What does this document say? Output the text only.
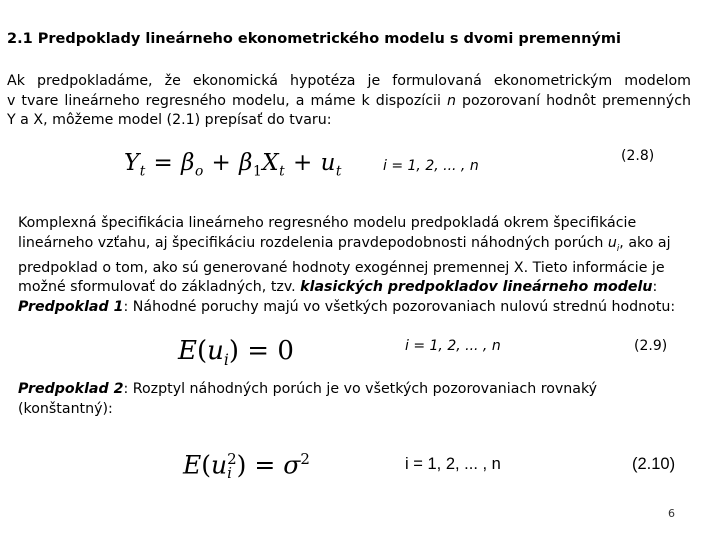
2.1 Predpoklady lineárneho ekonometrického modelu s dvomi premennými
Ak predpokladáme, že ekonomická hypotéza je formulovaná ekonometrickým modelom
v tvare lineárneho regresného modelu, a máme k dispozícii n pozorovaní hodnôt premenných
Y a X, môžeme model (2.1) prepísať do tvaru:
$Y_t = \beta_o + \beta_1X_t + u_t$	i = 1, 2, ... , n
(2.8)
Komplexná špecifikácia lineárneho regresného modelu predpokladá okrem špecifikácie
lineárneho vzťahu, aj špecifikáciu rozdelenia pravdepodobnosti náhodných porúch $u_i$, ako aj
predpoklad o tom, ako sú generované hodnoty exogénnej premennej X. Tieto informácie je
možné sformulovať do základných, tzv. klasických predpokladov lineárneho modelu:
Predpoklad 1: Náhodné poruchy majú vo všetkých pozorovaniach nulovú strednú hodnotu:
$E(u_i) = 0$	i = 1, 2, ... , n	(2.9)
Predpoklad 2: Rozptyl náhodných porúch je vo všetkých pozorovaniach rovnaký
(konštantný):
E(u 2
i ) = $\sigma^2$	i = 1, 2, ... , n	(2.10)
6
